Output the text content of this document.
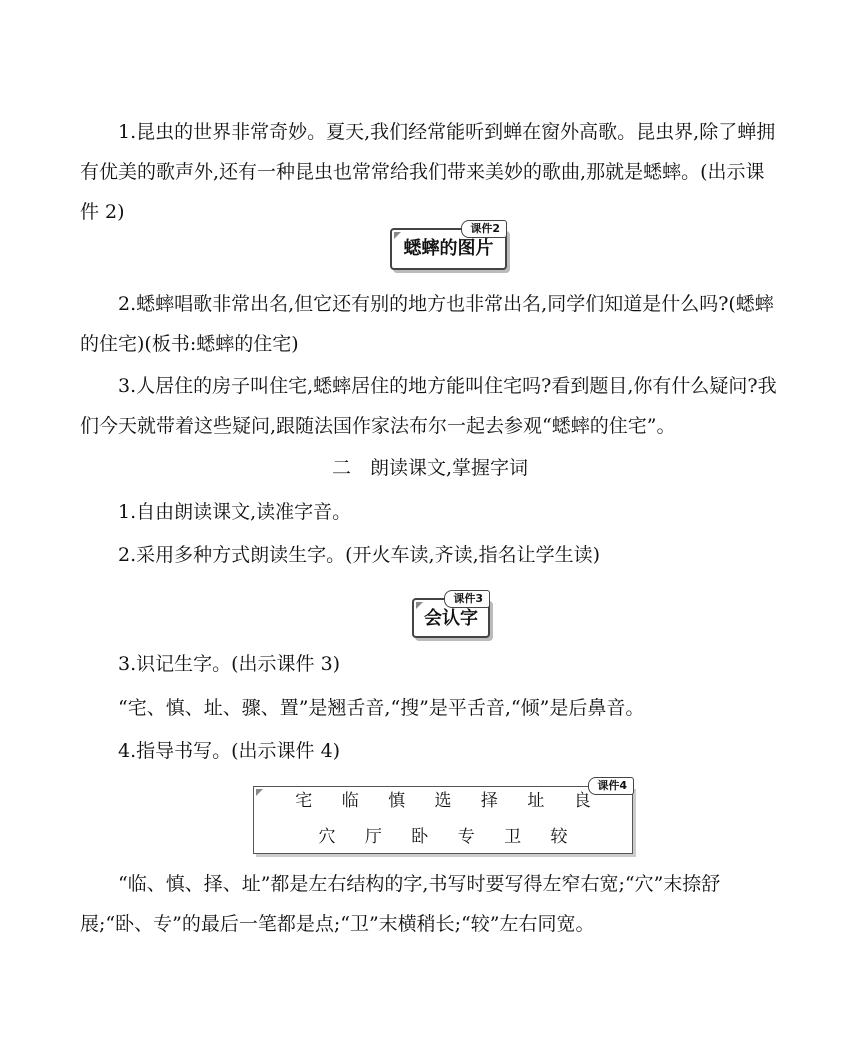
1.昆虫的世界非常奇妙。夏天,我们经常能听到蝉在窗外高歌。昆虫界,除了蝉拥有优美的歌声外,还有一种昆虫也常常给我们带来美妙的歌曲,那就是蟋蟀。(出示课件 2)

课件2
蟋蟀的图片

2.蟋蟀唱歌非常出名,但它还有别的地方也非常出名,同学们知道是什么吗?(蟋蟀的住宅)(板书:蟋蟀的住宅)

3.人居住的房子叫住宅,蟋蟀居住的地方能叫住宅吗?看到题目,你有什么疑问?我们今天就带着这些疑问,跟随法国作家法布尔一起去参观“蟋蟀的住宅”。

二　朗读课文,掌握字词

1.自由朗读课文,读准字音。

2.采用多种方式朗读生字。(开火车读,齐读,指名让学生读)

课件3
会认字

3.识记生字。(出示课件 3)

“宅、慎、址、骤、置”是翘舌音,“搜”是平舌音,“倾”是后鼻音。

4.指导书写。(出示课件 4)

课件4
宅 临 慎 选 择 址 良
穴 厅 卧 专 卫 较

“临、慎、择、址”都是左右结构的字,书写时要写得左窄右宽;“穴”末捺舒展;“卧、专”的最后一笔都是点;“卫”末横稍长;“较”左右同宽。
